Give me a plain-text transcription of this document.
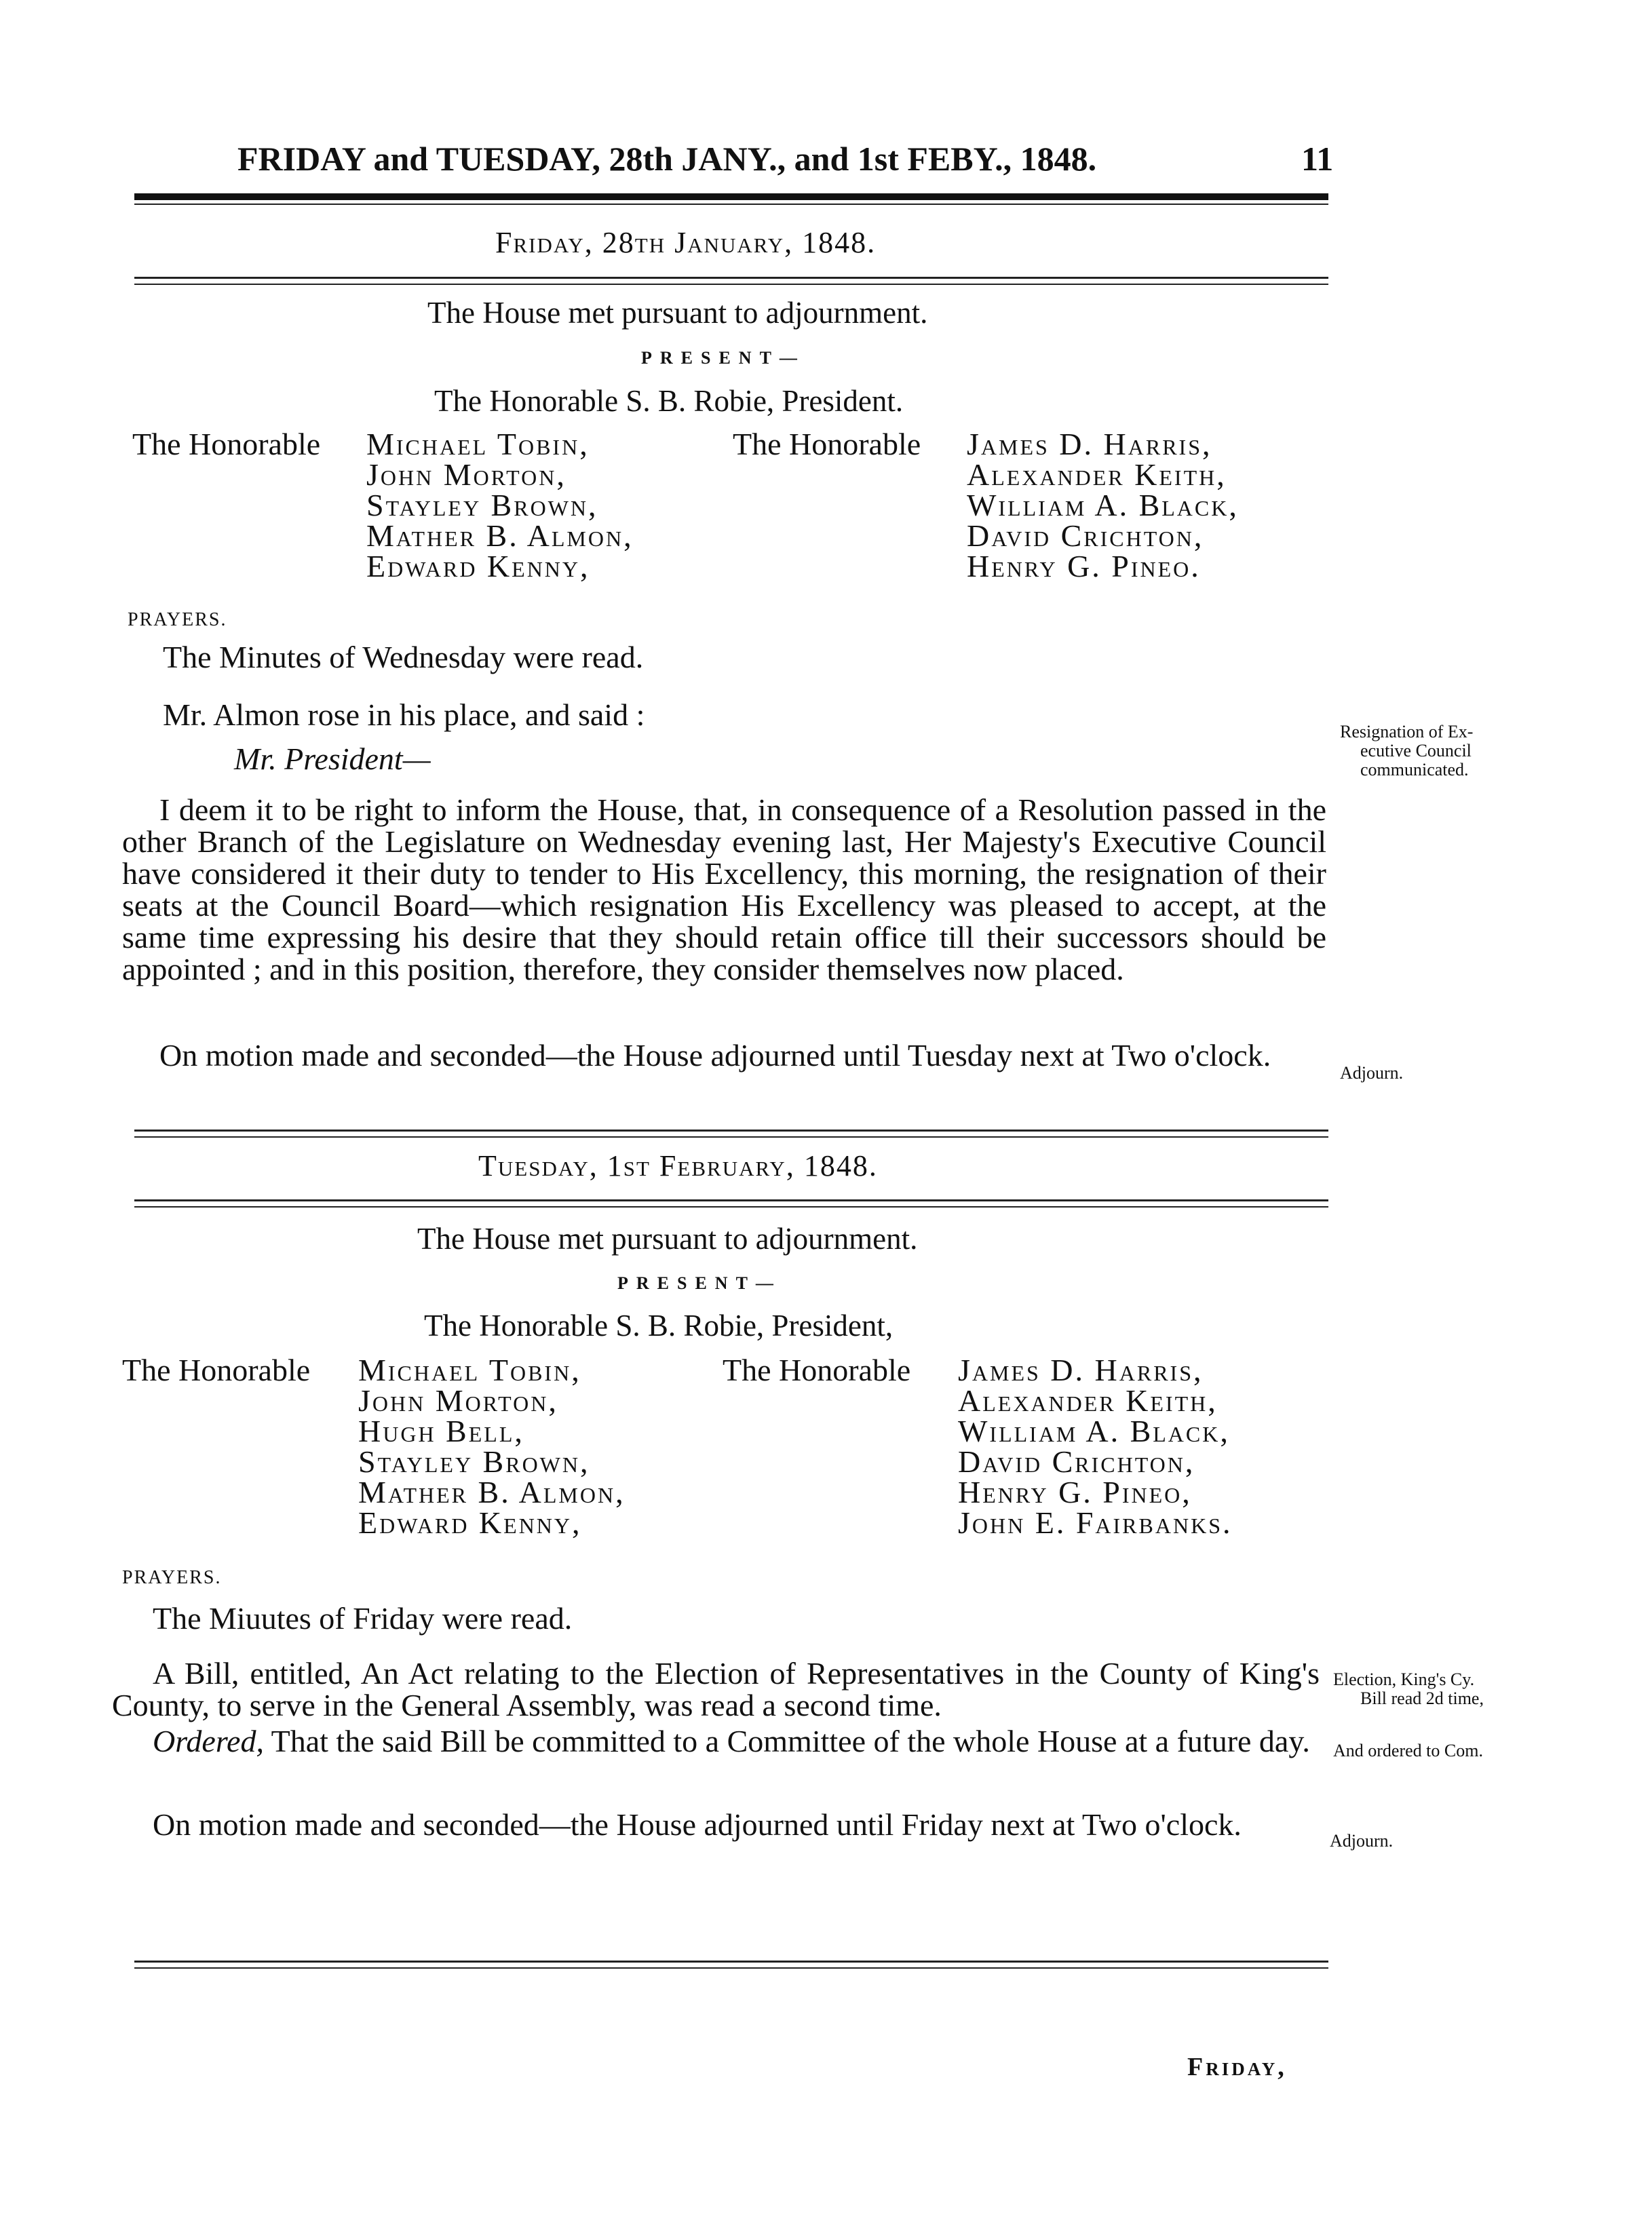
FRIDAY and TUESDAY, 28th JANY., and 1st FEBY., 1848.	11
Friday, 28th January, 1848.
The House met pursuant to adjournment.
PRESENT—
The Honorable S. B. Robie, President.
The Honorable Michael Tobin,
John Morton,
Stayley Brown,
Mather B. Almon,
Edward Kenny,
The Honorable James D. Harris,
Alexander Keith,
William A. Black,
David Crichton,
Henry G. Pineo.
PRAYERS.
The Minutes of Wednesday were read.
Mr. Almon rose in his place, and said :
Mr. President—
Resignation of Ex-
ecutive Council
communicated.
I deem it to be right to inform the House, that, in consequence of a Resolution passed in the other Branch of the Legislature on Wednesday evening last, Her Majesty's Executive Council have considered it their duty to tender to His Excellency, this morning, the resignation of their seats at the Council Board—which resignation His Excellency was pleased to accept, at the same time expressing his desire that they should retain office till their successors should be appointed ; and in this position, therefore, they consider themselves now placed.
On motion made and seconded—the House adjourned until Tuesday next at Two o'clock.
Adjourn.
Tuesday, 1st February, 1848.
The House met pursuant to adjournment.
PRESENT—
The Honorable S. B. Robie, President,
The Honorable Michael Tobin,
John Morton,
Hugh Bell,
Stayley Brown,
Mather B. Almon,
Edward Kenny,
The Honorable James D. Harris,
Alexander Keith,
William A. Black,
David Crichton,
Henry G. Pineo,
John E. Fairbanks.
PRAYERS.
The Miuutes of Friday were read.
A Bill, entitled, An Act relating to the Election of Representatives in the County of King's County, to serve in the General Assembly, was read a second time.
Election, King's Cy.
Bill read 2d time,
Ordered, That the said Bill be committed to a Committee of the whole House at a future day.	And ordered to Com.
On motion made and seconded—the House adjourned until Friday next at Two o'clock.	Adjourn.
Friday,
